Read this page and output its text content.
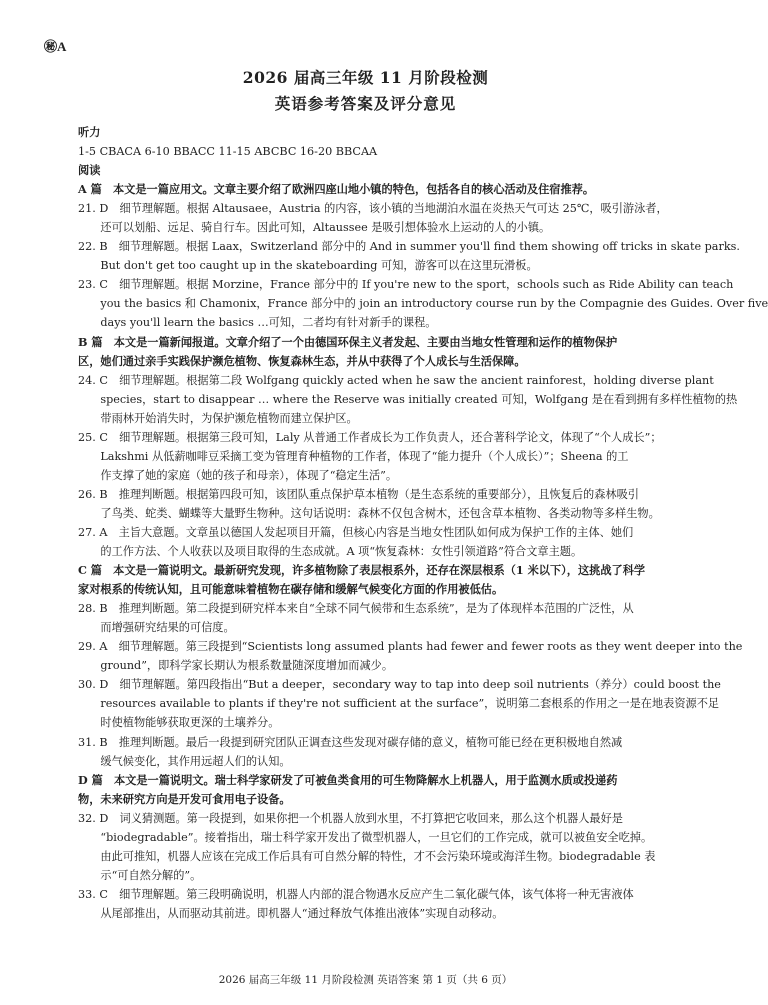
㊙A
2026 届高三年级 11 月阶段检测
英语参考答案及评分意见
听力
1-5 CBACA 6-10 BBACC 11-15 ABCBC 16-20 BBCAA
阅读
A 篇　本文是一篇应用文。文章主要介绍了欧洲四座山地小镇的特色，包括各自的核心活动及住宿推荐。
21. D　细节理解题。根据 Altausaee，Austria 的内容，该小镇的当地湖泊水温在炎热天气可达 25℃，吸引游泳者，
　　还可以划船、远足、骑自行车。因此可知，Altaussee 是吸引想体验水上运动的人的小镇。
22. B　细节理解题。根据 Laax，Switzerland 部分中的 And in summer you'll find them showing off tricks in skate parks.
　　But don't get too caught up in the skateboarding 可知，游客可以在这里玩滑板。
23. C　细节理解题。根据 Morzine，France 部分中的 If you're new to the sport，schools such as Ride Ability can teach
　　you the basics 和 Chamonix，France 部分中的 join an introductory course run by the Compagnie des Guides. Over five
　　days you'll learn the basics …可知，二者均有针对新手的课程。
B 篇　本文是一篇新闻报道。文章介绍了一个由德国环保主义者发起、主要由当地女性管理和运作的植物保护
区，她们通过亲手实践保护濒危植物、恢复森林生态，并从中获得了个人成长与生活保障。
24. C　细节理解题。根据第二段 Wolfgang quickly acted when he saw the ancient rainforest，holding diverse plant
　　species，start to disappear … where the Reserve was initially created 可知，Wolfgang 是在看到拥有多样性植物的热
　　带雨林开始消失时，为保护濒危植物而建立保护区。
25. C　细节理解题。根据第三段可知，Laly 从普通工作者成长为工作负责人，还合著科学论文，体现了“个人成长”；
　　Lakshmi 从低薪咖啡豆采摘工变为管理育种植物的工作者，体现了“能力提升（个人成长）”；Sheena 的工
　　作支撑了她的家庭（她的孩子和母亲），体现了“稳定生活”。
26. B　推理判断题。根据第四段可知，该团队重点保护草本植物（是生态系统的重要部分），且恢复后的森林吸引
　　了鸟类、蛇类、蝴蝶等大量野生物种。这句话说明：森林不仅包含树木，还包含草本植物、各类动物等多样生物。
27. A　主旨大意题。文章虽以德国人发起项目开篇，但核心内容是当地女性团队如何成为保护工作的主体、她们
　　的工作方法、个人收获以及项目取得的生态成就。A 项“恢复森林：女性引领道路”符合文章主题。
C 篇　本文是一篇说明文。最新研究发现，许多植物除了表层根系外，还存在深层根系（1 米以下），这挑战了科学
家对根系的传统认知，且可能意味着植物在碳存储和缓解气候变化方面的作用被低估。
28. B　推理判断题。第二段提到研究样本来自“全球不同气候带和生态系统”，是为了体现样本范围的广泛性，从
　　而增强研究结果的可信度。
29. A　细节理解题。第三段提到“Scientists long assumed plants had fewer and fewer roots as they went deeper into the
　　ground”，即科学家长期认为根系数量随深度增加而减少。
30. D　细节理解题。第四段指出“But a deeper，secondary way to tap into deep soil nutrients（养分）could boost the
　　resources available to plants if they're not sufficient at the surface”，说明第二套根系的作用之一是在地表资源不足
　　时使植物能够获取更深的土壤养分。
31. B　推理判断题。最后一段提到研究团队正调查这些发现对碳存储的意义，植物可能已经在更积极地自然减
　　缓气候变化，其作用远超人们的认知。
D 篇　本文是一篇说明文。瑞士科学家研发了可被鱼类食用的可生物降解水上机器人，用于监测水质或投递药
物，未来研究方向是开发可食用电子设备。
32. D　词义猜测题。第一段提到，如果你把一个机器人放到水里，不打算把它收回来，那么这个机器人最好是
　　“biodegradable”。接着指出，瑞士科学家开发出了微型机器人，一旦它们的工作完成，就可以被鱼安全吃掉。
　　由此可推知，机器人应该在完成工作后具有可自然分解的特性，才不会污染环境或海洋生物。biodegradable 表
　　示“可自然分解的”。
33. C　细节理解题。第三段明确说明，机器人内部的混合物遇水反应产生二氧化碳气体，该气体将一种无害液体
　　从尾部推出，从而驱动其前进。即机器人“通过释放气体推出液体”实现自动移动。
2026 届高三年级 11 月阶段检测 英语答案 第 1 页（共 6 页）
